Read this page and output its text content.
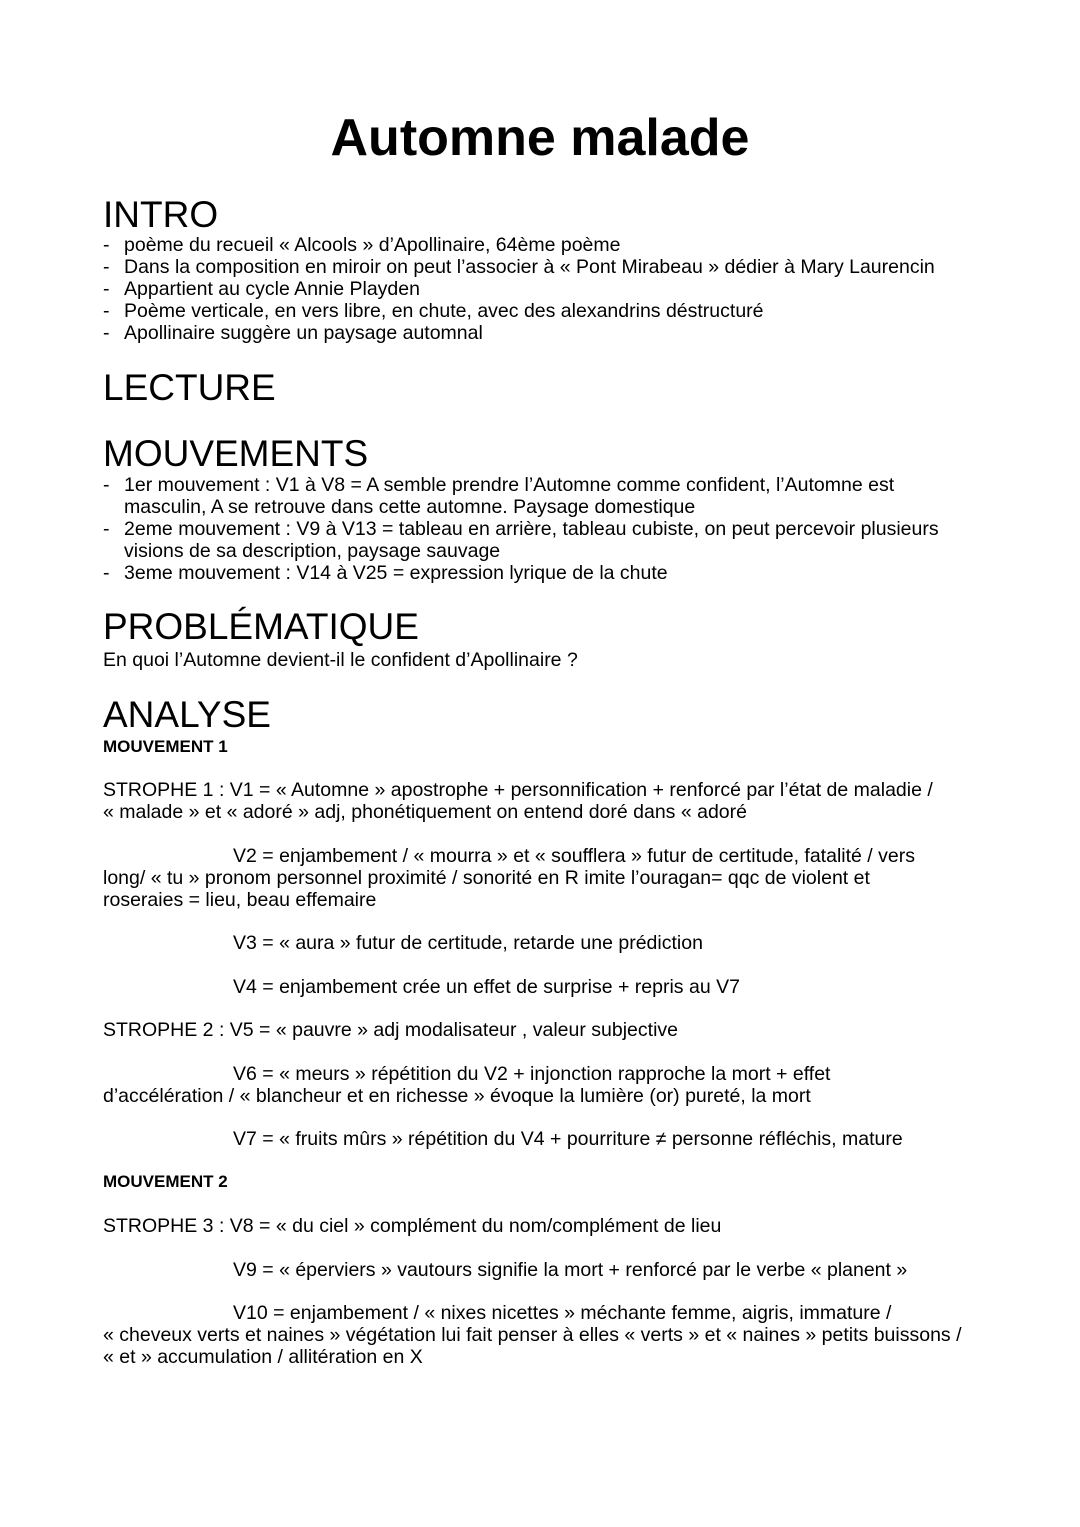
Automne malade
INTRO
- poème du recueil « Alcools » d’Apollinaire, 64ème poème
- Dans la composition en miroir on peut l’associer à « Pont Mirabeau » dédier à Mary Laurencin
- Appartient au cycle Annie Playden
- Poème verticale, en vers libre, en chute, avec des alexandrins déstructuré
- Apollinaire suggère un paysage automnal
LECTURE
MOUVEMENTS
- 1er mouvement : V1 à V8 = A semble prendre l’Automne comme confident, l’Automne est
masculin, A se retrouve dans cette automne. Paysage domestique
- 2eme mouvement : V9 à V13 = tableau en arrière, tableau cubiste, on peut percevoir plusieurs
visions de sa description, paysage sauvage
- 3eme mouvement : V14 à V25 = expression lyrique de la chute
PROBLÉMATIQUE
En quoi l’Automne devient-il le confident d’Apollinaire ?
ANALYSE
MOUVEMENT 1
STROPHE 1 : V1 = « Automne » apostrophe + personnification + renforcé par l’état de maladie /
« malade » et « adoré » adj, phonétiquement on entend doré dans « adoré
V2 = enjambement / « mourra » et « soufflera » futur de certitude, fatalité / vers
long/ « tu » pronom personnel proximité / sonorité en R imite l’ouragan= qqc de violent et
roseraies = lieu, beau effemaire
V3 = « aura » futur de certitude, retarde une prédiction
V4 = enjambement crée un effet de surprise + repris au V7
STROPHE 2 : V5 = « pauvre » adj modalisateur , valeur subjective
V6 = « meurs » répétition du V2 + injonction rapproche la mort + effet
d’accélération / « blancheur et en richesse » évoque la lumière (or) pureté, la mort
V7 = « fruits mûrs » répétition du V4 + pourriture ≠ personne réfléchis, mature
MOUVEMENT 2
STROPHE 3 : V8 = « du ciel » complément du nom/complément de lieu
V9 = « éperviers » vautours signifie la mort + renforcé par le verbe « planent »
V10 = enjambement / « nixes nicettes » méchante femme, aigris, immature /
« cheveux verts et naines » végétation lui fait penser à elles « verts » et « naines » petits buissons /
« et » accumulation / allitération en X
